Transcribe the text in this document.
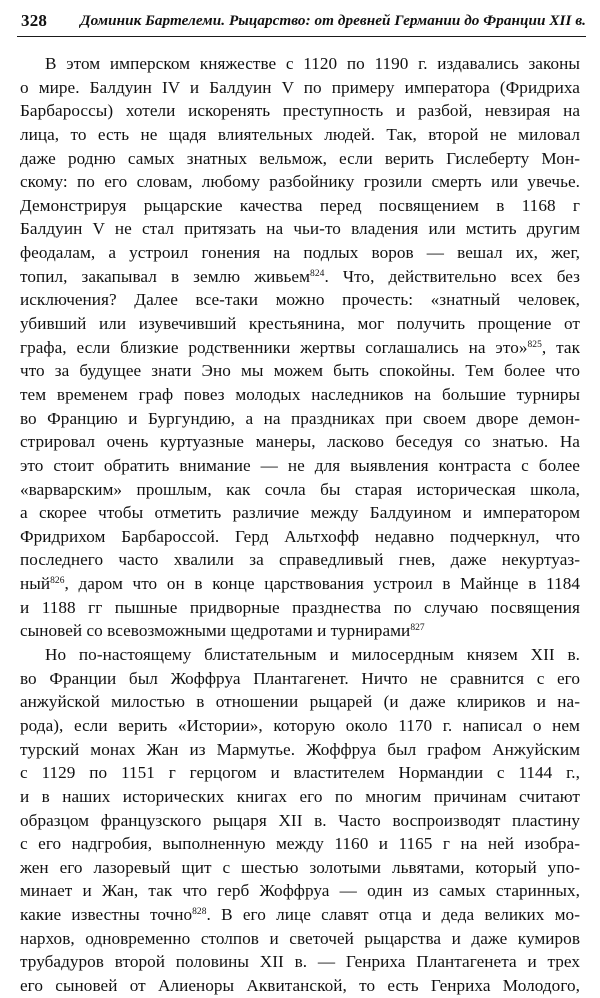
328	Доминик Бартелеми. Рыцарство: от древней Германии до Франции XII в.
В этом имперском княжестве с 1120 по 1190 г. издавались законы
о мире. Балдуин IV и Балдуин V по примеру императора (Фридриха
Барбароссы) хотели искоренять преступность и разбой, невзирая на
лица, то есть не щадя влиятельных людей. Так, второй не миловал
даже родню самых знатных вельмож, если верить Гислеберту Мон-
скому: по его словам, любому разбойнику грозили смерть или увечье.
Демонстрируя рыцарские качества перед посвящением в 1168 г
Балдуин V не стал притязать на чьи-то владения или мстить другим
феодалам, а устроил гонения на подлых воров — вешал их, жег,
топил, закапывал в землю живьем$^{824}$. Что, действительно всех без
исключения? Далее все-таки можно прочесть: «знатный человек,
убивший или изувечивший крестьянина, мог получить прощение от
графа, если близкие родственники жертвы соглашались на это»$^{825}$, так
что за будущее знати Эно мы можем быть спокойны. Тем более что
тем временем граф повез молодых наследников на большие турниры
во Францию и Бургундию, а на праздниках при своем дворе демон-
стрировал очень куртуазные манеры, ласково беседуя со знатью. На
это стоит обратить внимание — не для выявления контраста с более
«варварским» прошлым, как сочла бы старая историческая школа,
а скорее чтобы отметить различие между Балдуином и императором
Фридрихом Барбароссой. Герд Альтхофф недавно подчеркнул, что
последнего часто хвалили за справедливый гнев, даже некуртуаз-
ный$^{826}$, даром что он в конце царствования устроил в Майнце в 1184
и 1188 гг пышные придворные празднества по случаю посвящения
сыновей со всевозможными щедротами и турнирами$^{827}$
Но по-настоящему блистательным и милосердным князем XII в.
во Франции был Жоффруа Плантагенет. Ничто не сравнится с его
анжуйской милостью в отношении рыцарей (и даже клириков и на-
рода), если верить «Истории», которую около 1170 г. написал о нем
турский монах Жан из Мармутье. Жоффруа был графом Анжуйским
с 1129 по 1151 г герцогом и властителем Нормандии с 1144 г.,
и в наших исторических книгах его по многим причинам считают
образцом французского рыцаря XII в. Часто воспроизводят пластину
с его надгробия, выполненную между 1160 и 1165 г на ней изобра-
жен его лазоревый щит с шестью золотыми львятами, который упо-
минает и Жан, так что герб Жоффруа — один из самых старинных,
какие известны точно$^{828}$. В его лице славят отца и деда великих мо-
нархов, одновременно столпов и светочей рыцарства и даже кумиров
трубадуров второй половины XII в. — Генриха Плантагенета и трех
его сыновей от Алиеноры Аквитанской, то есть Генриха Молодого,
